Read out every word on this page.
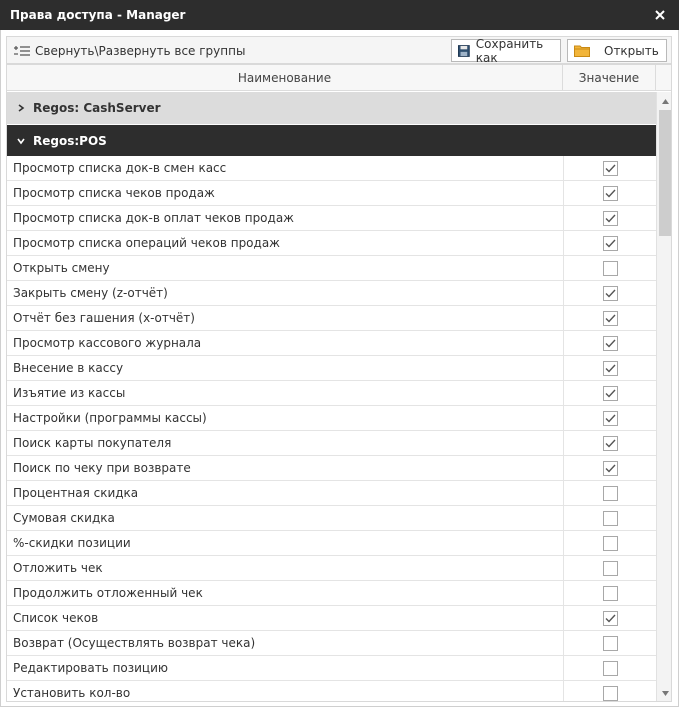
Права доступа - Manager
Свернуть\Развернуть все группы
Сохранить как	Открыть
Наименование	Значение
Regos: CashServer
Regos:POS
Просмотр списка док-в смен касс
Просмотр списка чеков продаж
Просмотр списка док-в оплат чеков продаж
Просмотр списка операций чеков продаж
Открыть смену
Закрыть смену (z-отчёт)
Отчёт без гашения (x-отчёт)
Просмотр кассового журнала
Внесение в кассу
Изъятие из кассы
Настройки (программы кассы)
Поиск карты покупателя
Поиск по чеку при возврате
Процентная скидка
Сумовая скидка
%-скидки позиции
Отложить чек
Продолжить отложенный чек
Список чеков
Возврат (Осуществлять возврат чека)
Редактировать позицию
Установить кол-во
